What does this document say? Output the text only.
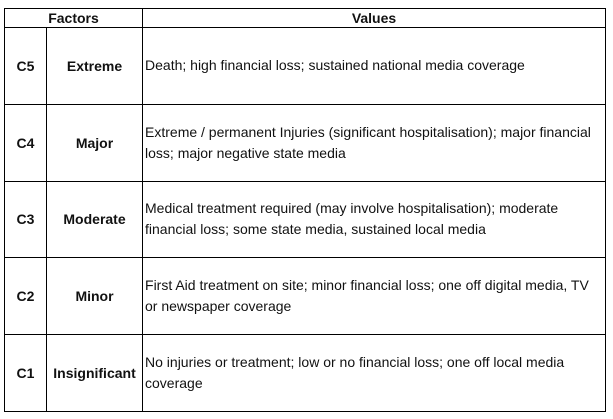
Factors		Values
C5	Extreme	Death; high financial loss; sustained national media coverage
C4	Major	Extreme / permanent Injuries (significant hospitalisation); major financial loss; major negative state media
C3	Moderate	Medical treatment required (may involve hospitalisation); moderate financial loss; some state media, sustained local media
C2	Minor	First Aid treatment on site; minor financial loss; one off digital media, TV or newspaper coverage
C1	Insignificant	No injuries or treatment; low or no financial loss; one off local media coverage
